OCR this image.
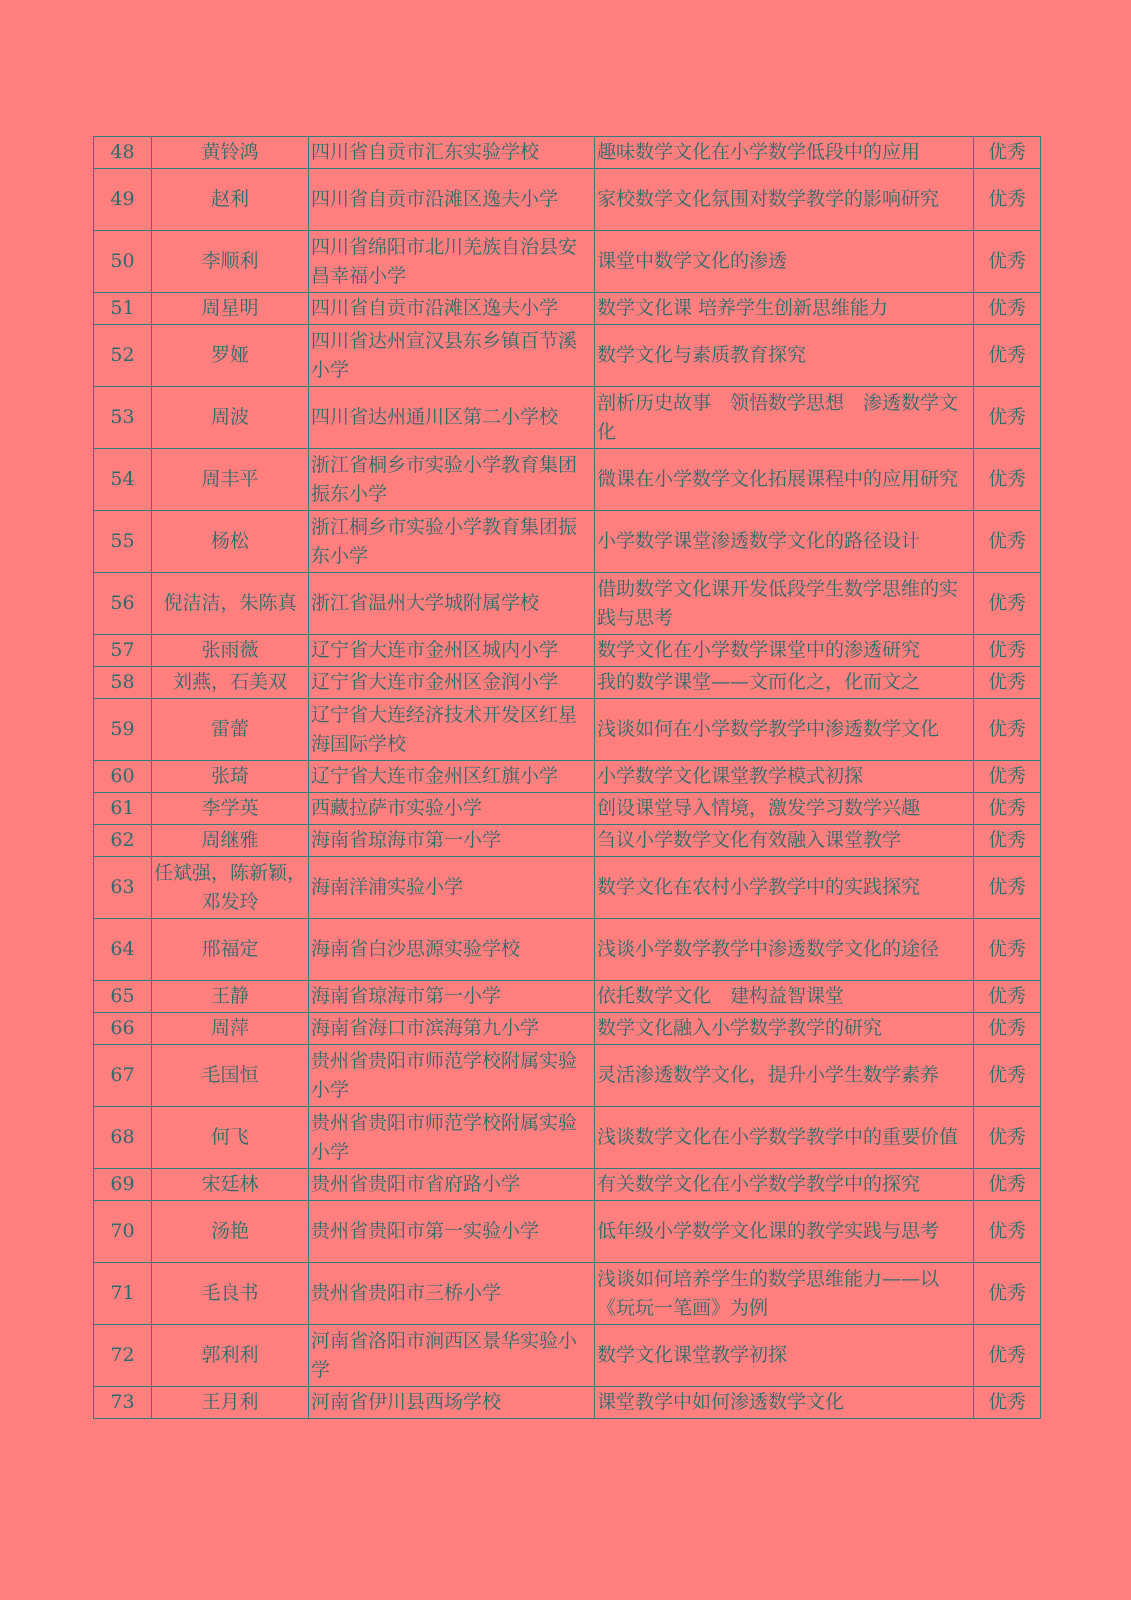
48	黄铃鸿	四川省自贡市汇东实验学校	趣味数学文化在小学数学低段中的应用	优秀
49	赵利	四川省自贡市沿滩区逸夫小学	家校数学文化氛围对数学教学的影响研究	优秀
50	李顺利	四川省绵阳市北川羌族自治县安昌幸福小学	课堂中数学文化的渗透	优秀
51	周星明	四川省自贡市沿滩区逸夫小学	数学文化课 培养学生创新思维能力	优秀
52	罗娅	四川省达州宣汉县东乡镇百节溪小学	数学文化与素质教育探究	优秀
53	周波	四川省达州通川区第二小学校	剖析历史故事　领悟数学思想　渗透数学文化	优秀
54	周丰平	浙江省桐乡市实验小学教育集团振东小学	微课在小学数学文化拓展课程中的应用研究	优秀
55	杨松	浙江桐乡市实验小学教育集团振东小学	小学数学课堂渗透数学文化的路径设计	优秀
56	倪洁洁，朱陈真	浙江省温州大学城附属学校	借助数学文化课开发低段学生数学思维的实践与思考	优秀
57	张雨薇	辽宁省大连市金州区城内小学	数学文化在小学数学课堂中的渗透研究	优秀
58	刘燕，石美双	辽宁省大连市金州区金润小学	我的数学课堂——文而化之，化而文之	优秀
59	雷蕾	辽宁省大连经济技术开发区红星海国际学校	浅谈如何在小学数学教学中渗透数学文化	优秀
60	张琦	辽宁省大连市金州区红旗小学	小学数学文化课堂教学模式初探	优秀
61	李学英	西藏拉萨市实验小学	创设课堂导入情境，激发学习数学兴趣	优秀
62	周继雅	海南省琼海市第一小学	刍议小学数学文化有效融入课堂教学	优秀
63	任斌强，陈新颖，邓发玲	海南洋浦实验小学	数学文化在农村小学教学中的实践探究	优秀
64	邢福定	海南省白沙思源实验学校	浅谈小学数学教学中渗透数学文化的途径	优秀
65	王静	海南省琼海市第一小学	依托数学文化　建构益智课堂	优秀
66	周萍	海南省海口市滨海第九小学	数学文化融入小学数学教学的研究	优秀
67	毛国恒	贵州省贵阳市师范学校附属实验小学	灵活渗透数学文化，提升小学生数学素养	优秀
68	何飞	贵州省贵阳市师范学校附属实验小学	浅谈数学文化在小学数学教学中的重要价值	优秀
69	宋廷林	贵州省贵阳市省府路小学	有关数学文化在小学数学教学中的探究	优秀
70	汤艳	贵州省贵阳市第一实验小学	低年级小学数学文化课的教学实践与思考	优秀
71	毛良书	贵州省贵阳市三桥小学	浅谈如何培养学生的数学思维能力——以《玩玩一笔画》为例	优秀
72	郭利利	河南省洛阳市涧西区景华实验小学	数学文化课堂教学初探	优秀
73	王月利	河南省伊川县西场学校	课堂教学中如何渗透数学文化	优秀
